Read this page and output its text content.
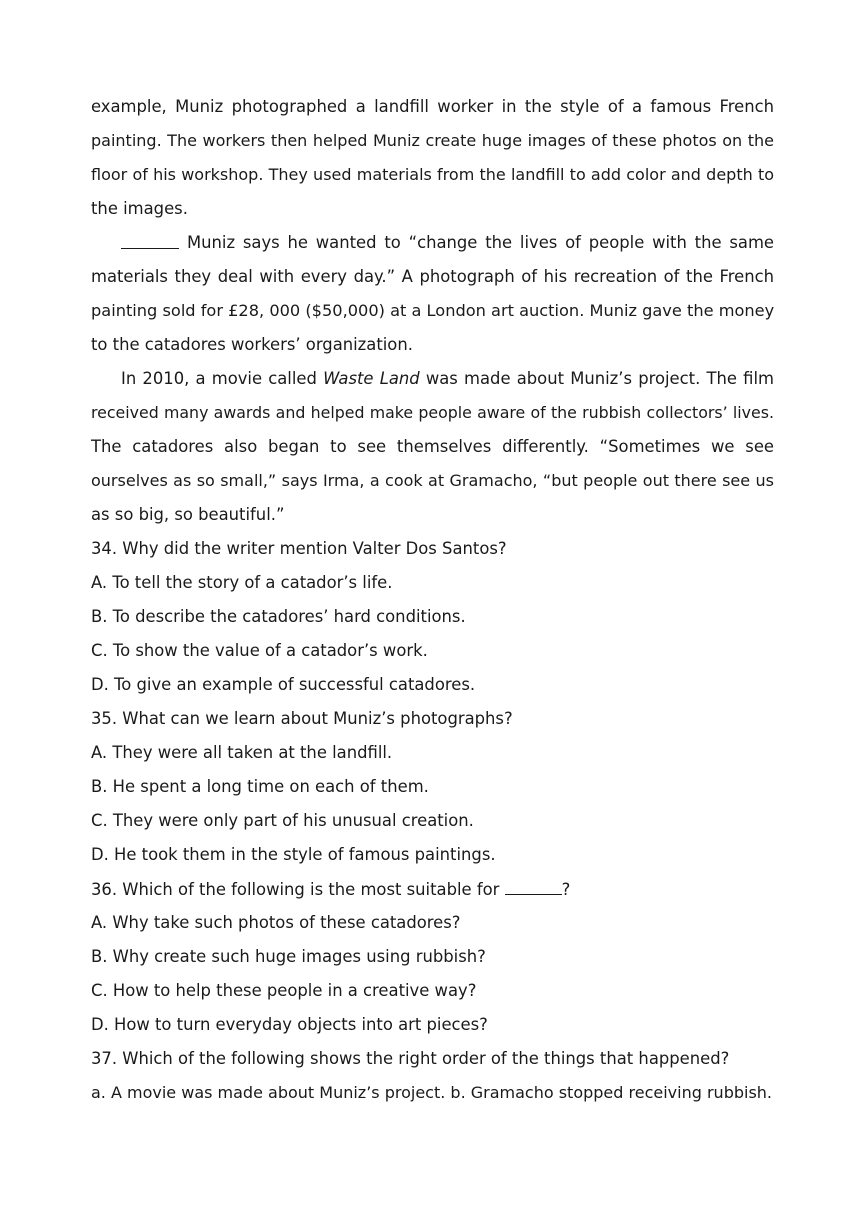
example, Muniz photographed a landfill worker in the style of a famous French
painting. The workers then helped Muniz create huge images of these photos on the
floor of his workshop. They used materials from the landfill to add color and depth to
the images.
Muniz says he wanted to “change the lives of people with the same
materials they deal with every day.” A photograph of his recreation of the French
painting sold for £28, 000 ($50,000) at a London art auction. Muniz gave the money
to the catadores workers’ organization.
In 2010, a movie called Waste Land was made about Muniz’s project. The film
received many awards and helped make people aware of the rubbish collectors’ lives.
The catadores also began to see themselves differently. “Sometimes we see
ourselves as so small,” says Irma, a cook at Gramacho, “but people out there see us
as so big, so beautiful.”
34. Why did the writer mention Valter Dos Santos?
A. To tell the story of a catador’s life.
B. To describe the catadores’ hard conditions.
C. To show the value of a catador’s work.
D. To give an example of successful catadores.
35. What can we learn about Muniz’s photographs?
A. They were all taken at the landfill.
B. He spent a long time on each of them.
C. They were only part of his unusual creation.
D. He took them in the style of famous paintings.
36. Which of the following is the most suitable for	?
A. Why take such photos of these catadores?
B. Why create such huge images using rubbish?
C. How to help these people in a creative way?
D. How to turn everyday objects into art pieces?
37. Which of the following shows the right order of the things that happened?
a. A movie was made about Muniz’s project. b. Gramacho stopped receiving rubbish.
